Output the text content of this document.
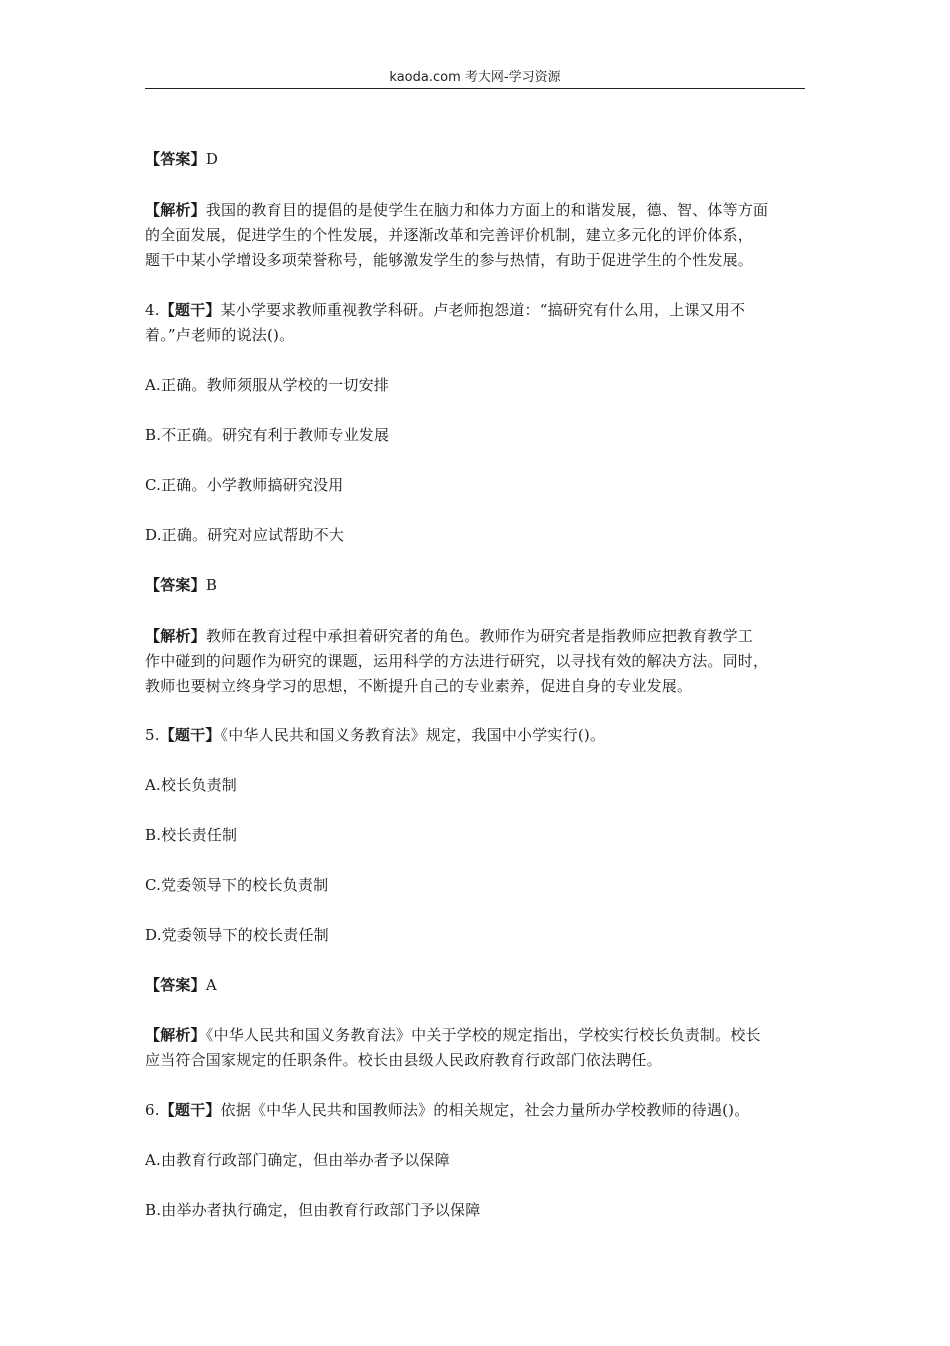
kaoda.com 考大网-学习资源

【答案】D

【解析】我国的教育目的提倡的是使学生在脑力和体力方面上的和谐发展，德、智、体等方面
的全面发展，促进学生的个性发展，并逐渐改革和完善评价机制，建立多元化的评价体系，
题干中某小学增设多项荣誉称号，能够激发学生的参与热情，有助于促进学生的个性发展。
4.【题干】某小学要求教师重视教学科研。卢老师抱怨道：“搞研究有什么用，上课又用不
着。”卢老师的说法()。

A.正确。教师须服从学校的一切安排

B.不正确。研究有利于教师专业发展

C.正确。小学教师搞研究没用

D.正确。研究对应试帮助不大

【答案】B

【解析】教师在教育过程中承担着研究者的角色。教师作为研究者是指教师应把教育教学工
作中碰到的问题作为研究的课题，运用科学的方法进行研究，以寻找有效的解决方法。同时，
教师也要树立终身学习的思想，不断提升自己的专业素养，促进自身的专业发展。

5.【题干】《中华人民共和国义务教育法》规定，我国中小学实行()。

A.校长负责制

B.校长责任制

C.党委领导下的校长负责制

D.党委领导下的校长责任制

【答案】A

【解析】《中华人民共和国义务教育法》中关于学校的规定指出，学校实行校长负责制。校长
应当符合国家规定的任职条件。校长由县级人民政府教育行政部门依法聘任。

6.【题干】依据《中华人民共和国教师法》的相关规定，社会力量所办学校教师的待遇()。

A.由教育行政部门确定，但由举办者予以保障

B.由举办者执行确定，但由教育行政部门予以保障
